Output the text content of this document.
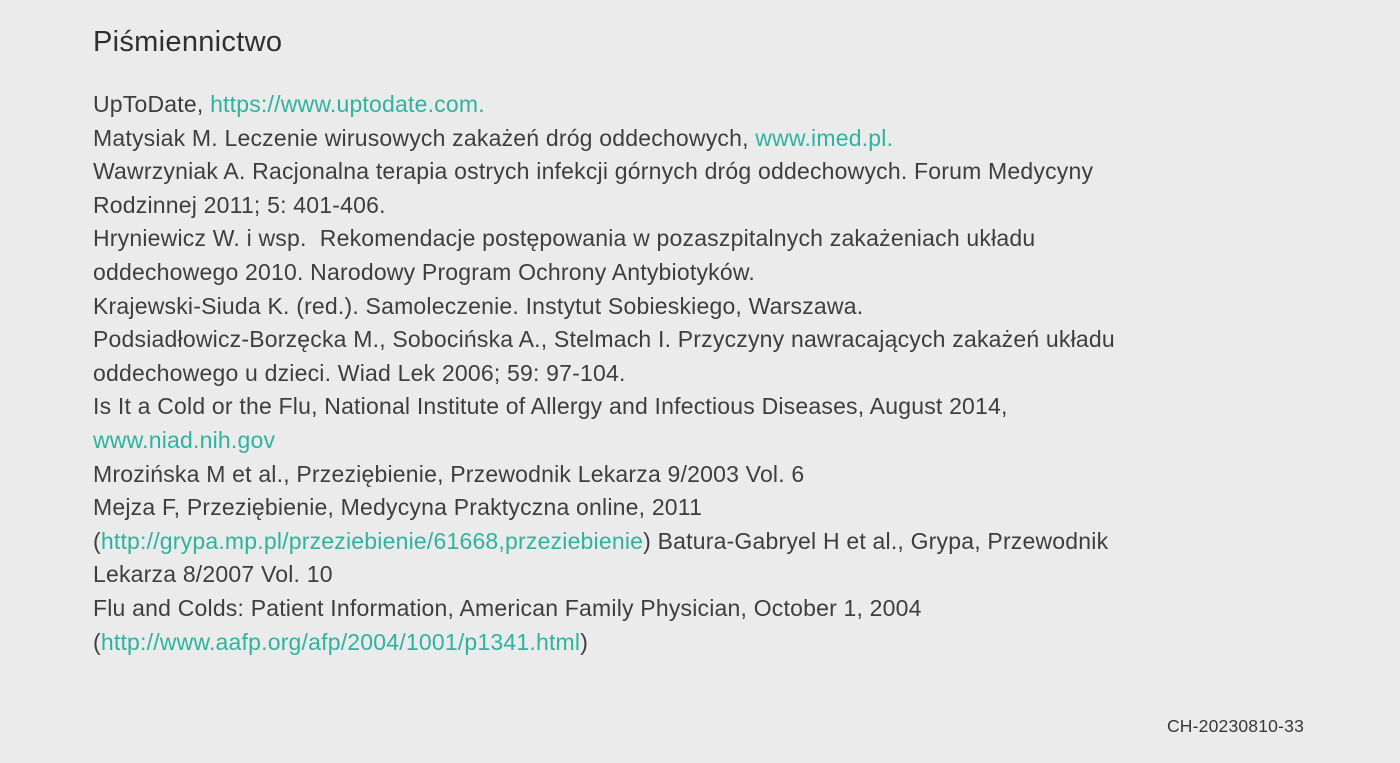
Piśmiennictwo
UpToDate, https://www.uptodate.com.
Matysiak M. Leczenie wirusowych zakażeń dróg oddechowych, www.imed.pl.
Wawrzyniak A. Racjonalna terapia ostrych infekcji górnych dróg oddechowych. Forum Medycyny
Rodzinnej 2011; 5: 401-406.
Hryniewicz W. i wsp.  Rekomendacje postępowania w pozaszpitalnych zakażeniach układu
oddechowego 2010. Narodowy Program Ochrony Antybiotyków.
Krajewski-Siuda K. (red.). Samoleczenie. Instytut Sobieskiego, Warszawa.
Podsiadłowicz-Borzęcka M., Sobocińska A., Stelmach I. Przyczyny nawracających zakażeń układu
oddechowego u dzieci. Wiad Lek 2006; 59: 97-104.
Is It a Cold or the Flu, National Institute of Allergy and Infectious Diseases, August 2014,
www.niad.nih.gov
Mrozińska M et al., Przeziębienie, Przewodnik Lekarza 9/2003 Vol. 6
Mejza F, Przeziębienie, Medycyna Praktyczna online, 2011
(http://grypa.mp.pl/przeziebienie/61668,przeziebienie) Batura-Gabryel H et al., Grypa, Przewodnik
Lekarza 8/2007 Vol. 10
Flu and Colds: Patient Information, American Family Physician, October 1, 2004
(http://www.aafp.org/afp/2004/1001/p1341.html)
CH-20230810-33
